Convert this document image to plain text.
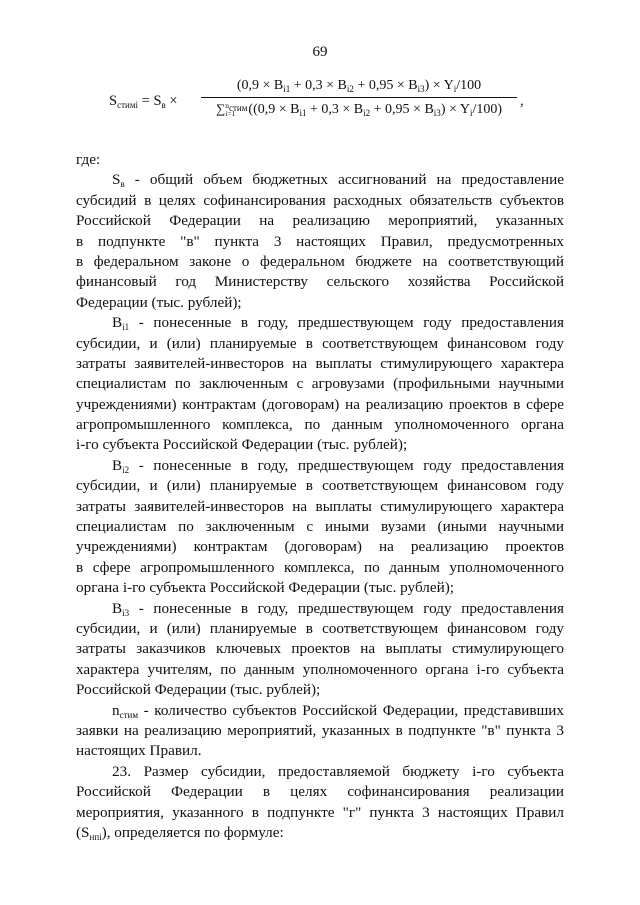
69
$S_{стимi} = S_в$ ×
$(0,9 \times B_{i1} + 0,3 \times B_{i2} + 0,95 \times B_{i3}) \times Y_i/100$
$\sum n_{стим}$
i=1 $((0,9 \times B_{i1} + 0,3 \times B_{i2} + 0,95 \times B_{i3}) \times Y_i/100)$
,

где:

$S_в$ - общий объем бюджетных ассигнований на предоставление
субсидий в целях софинансирования расходных обязательств субъектов
Российской Федерации на реализацию мероприятий, указанных
в подпункте "в" пункта 3 настоящих Правил, предусмотренных
в федеральном законе о федеральном бюджете на соответствующий
финансовый год Министерству сельского хозяйства Российской
Федерации (тыс. рублей);
$B_{i1}$ - понесенные в году, предшествующем году предоставления
субсидии, и (или) планируемые в соответствующем финансовом году
затраты заявителей-инвесторов на выплаты стимулирующего характера
специалистам по заключенным с агровузами (профильными научными
учреждениями) контрактам (договорам) на реализацию проектов в сфере
агропромышленного комплекса, по данным уполномоченного органа
i-го субъекта Российской Федерации (тыс. рублей);
$B_{i2}$ - понесенные в году, предшествующем году предоставления
субсидии, и (или) планируемые в соответствующем финансовом году
затраты заявителей-инвесторов на выплаты стимулирующего характера
специалистам по заключенным с иными вузами (иными научными
учреждениями) контрактам (договорам) на реализацию проектов
в сфере агропромышленного комплекса, по данным уполномоченного
органа i-го субъекта Российской Федерации (тыс. рублей);
$B_{i3}$ - понесенные в году, предшествующем году предоставления
субсидии, и (или) планируемые в соответствующем финансовом году
затраты заказчиков ключевых проектов на выплаты стимулирующего
характера учителям, по данным уполномоченного органа i-го субъекта
Российской Федерации (тыс. рублей);
$n_{стим}$ - количество субъектов Российской Федерации, представивших
заявки на реализацию мероприятий, указанных в подпункте "в" пункта 3
настоящих Правил.
23. Размер субсидии, предоставляемой бюджету i-го субъекта
Российской Федерации в целях софинансирования реализации
мероприятия, указанного в подпункте "г" пункта 3 настоящих Правил
$(S_{нпi})$, определяется по формуле:
